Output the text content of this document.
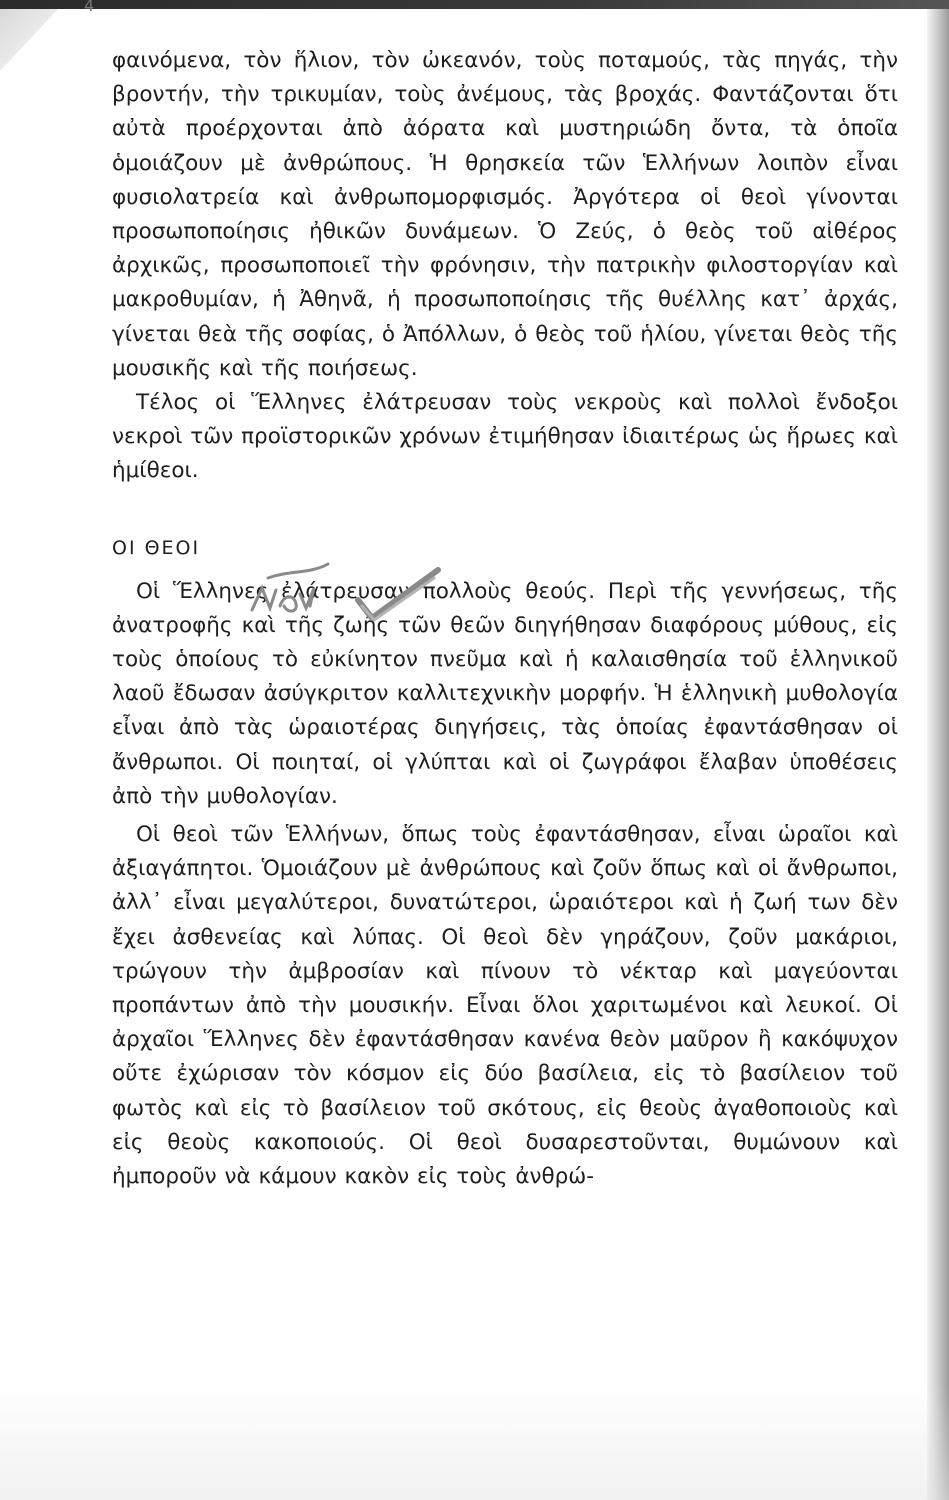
4

φαινόμενα, τὸν ἥλιον, τὸν ὠκεανόν, τοὺς ποταμούς, τὰς πηγάς, τὴν βροντήν, τὴν τρικυμίαν, τοὺς ἀνέμους, τὰς βροχάς. Φαντάζονται ὅτι αὐτὰ προέρχονται ἀπὸ ἀόρατα καὶ μυστηριώδη ὄντα, τὰ ὁποῖα ὁμοιάζουν μὲ ἀνθρώπους. Ἡ θρησκεία τῶν Ἑλλήνων λοιπὸν εἶναι φυσιολατρεία καὶ ἀνθρωπομορφισμός. Ἀργότερα οἱ θεοὶ γίνονται προσωποποίησις ἠθικῶν δυνάμεων. Ὁ Ζεύς, ὁ θεὸς τοῦ αἰθέρος ἀρχικῶς, προσωποποιεῖ τὴν φρόνησιν, τὴν πατρικὴν φιλοστοργίαν καὶ μακροθυμίαν, ἡ Ἀθηνᾶ, ἡ προσωποποίησις τῆς θυέλλης κατ᾽ ἀρχάς, γίνεται θεὰ τῆς σοφίας, ὁ Ἀπόλλων, ὁ θεὸς τοῦ ἡλίου, γίνεται θεὸς τῆς μουσικῆς καὶ τῆς ποιήσεως.

Τέλος οἱ Ἕλληνες ἐλάτρευσαν τοὺς νεκροὺς καὶ πολλοὶ ἔνδοξοι νεκροὶ τῶν προϊστορικῶν χρόνων ἐτιμήθησαν ἰδιαιτέρως ὡς ἥρωες καὶ ἡμίθεοι.

ΟΙ ΘΕΟΙ

Οἱ Ἕλληνες ἐλάτρευσαν πολλοὺς θεούς. Περὶ τῆς γεννήσεως, τῆς ἀνατροφῆς καὶ τῆς ζωῆς τῶν θεῶν διηγήθησαν διαφόρους μύθους, εἰς τοὺς ὁποίους τὸ εὐκίνητον πνεῦμα καὶ ἡ καλαισθησία τοῦ ἑλληνικοῦ λαοῦ ἔδωσαν ἀσύγκριτον καλλιτεχνικὴν μορφήν. Ἡ ἑλληνικὴ μυθολογία εἶναι ἀπὸ τὰς ὡραιοτέρας διηγήσεις, τὰς ὁποίας ἐφαντάσθησαν οἱ ἄνθρωποι. Οἱ ποιηταί, οἱ γλύπται καὶ οἱ ζωγράφοι ἔλαβαν ὑποθέσεις ἀπὸ τὴν μυθολογίαν.

Οἱ θεοὶ τῶν Ἑλλήνων, ὅπως τοὺς ἐφαντάσθησαν, εἶναι ὡραῖοι καὶ ἀξιαγάπητοι. Ὁμοιάζουν μὲ ἀνθρώπους καὶ ζοῦν ὅπως καὶ οἱ ἄνθρωποι, ἀλλ᾽ εἶναι μεγαλύτεροι, δυνατώτεροι, ὡραιότεροι καὶ ἡ ζωή των δὲν ἔχει ἀσθενείας καὶ λύπας. Οἱ θεοὶ δὲν γηράζουν, ζοῦν μακάριοι, τρώγουν τὴν ἀμβροσίαν καὶ πίνουν τὸ νέκταρ καὶ μαγεύονται προπάντων ἀπὸ τὴν μουσικήν. Εἶναι ὅλοι χαριτωμένοι καὶ λευκοί. Οἱ ἀρχαῖοι Ἕλληνες δὲν ἐφαντάσθησαν κανένα θεὸν μαῦρον ἢ κακόψυχον οὔτε ἐχώρισαν τὸν κόσμον εἰς δύο βασίλεια, εἰς τὸ βασίλειον τοῦ φωτὸς καὶ εἰς τὸ βασίλειον τοῦ σκότους, εἰς θεοὺς ἀγαθοποιοὺς καὶ εἰς θεοὺς κακοποιούς. Οἱ θεοὶ δυσαρεστοῦνται, θυμώνουν καὶ ἠμποροῦν νὰ κάμουν κακὸν εἰς τοὺς ἀνθρώ-
